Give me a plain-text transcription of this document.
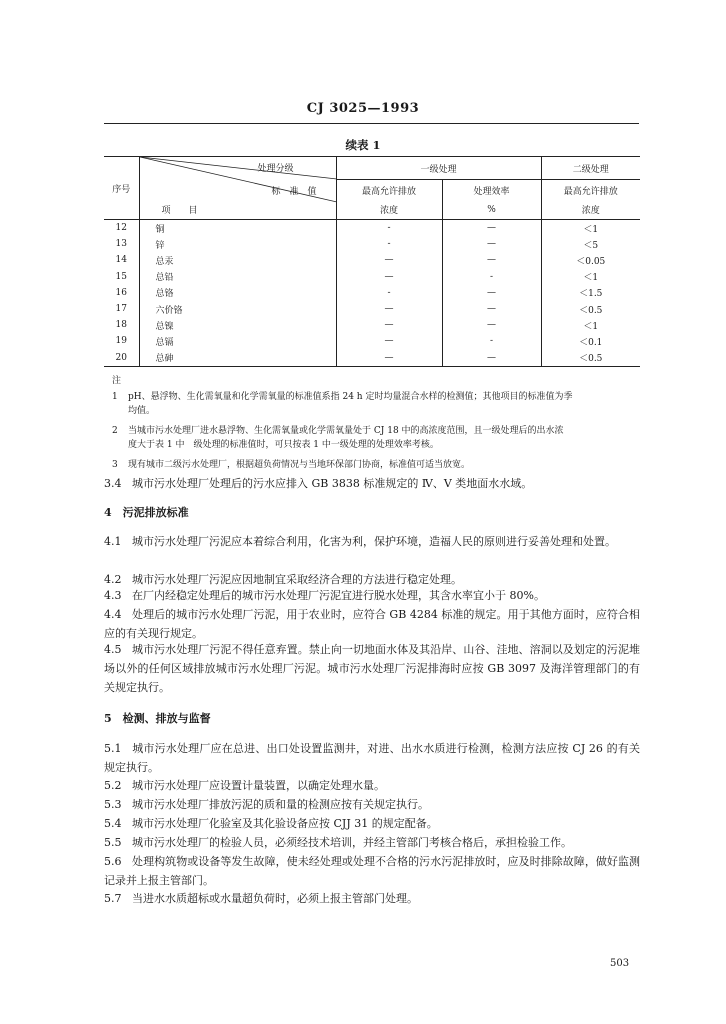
CJ 3025—1993
续表 1
序号	处理分级
标　准　值
项　　目	一级处理		二级处理
		最高允许排放	处理效率	最高允许排放
		浓度	%	浓度
12	铜	-	—	＜1
13	锌	-	—	＜5
14	总汞	—	—	＜0.05
15	总铅	—	-	＜1
16	总铬	-	—	＜1.5
17	六价铬	—	—	＜0.5
18	总镍	—	—	＜1
19	总镉	—	-	＜0.1
20	总砷	—	—	＜0.5
注
1 pH、悬浮物、生化需氧量和化学需氧量的标准值系指 24 h 定时均量混合水样的检测值；其他项目的标准值为季
均值。
2 当城市污水处理厂进水悬浮物、生化需氧量或化学需氧量处于 CJ 18 中的高浓度范围，且一级处理后的出水浓
度大于表 1 中　级处理的标准值时，可只按表 1 中一级处理的处理效率考核。
3 现有城市二级污水处理厂，根据超负荷情况与当地环保部门协商，标准值可适当放宽。
3.4 城市污水处理厂处理后的污水应排入 GB 3838 标准规定的 Ⅳ、Ⅴ 类地面水水域。
4　污泥排放标准
4.1 城市污水处理厂污泥应本着综合利用，化害为利，保护环境，造福人民的原则进行妥善处理和处置。
4.2 城市污水处理厂污泥应因地制宜采取经济合理的方法进行稳定处理。
4.3 在厂内经稳定处理后的城市污水处理厂污泥宜进行脱水处理，其含水率宜小于 80%。
4.4 处理后的城市污水处理厂污泥，用于农业时，应符合 GB 4284 标准的规定。用于其他方面时，应符合相应的有关现行规定。
4.5 城市污水处理厂污泥不得任意弃置。禁止向一切地面水体及其沿岸、山谷、洼地、溶洞以及划定的污泥堆场以外的任何区域排放城市污水处理厂污泥。城市污水处理厂污泥排海时应按 GB 3097 及海洋管理部门的有关规定执行。
5　检测、排放与监督
5.1 城市污水处理厂应在总进、出口处设置监测井，对进、出水水质进行检测，检测方法应按 CJ 26 的有关规定执行。
5.2 城市污水处理厂应设置计量装置，以确定处理水量。
5.3 城市污水处理厂排放污泥的质和量的检测应按有关规定执行。
5.4 城市污水处理厂化验室及其化验设备应按 CJJ 31 的规定配备。
5.5 城市污水处理厂的检验人员，必须经技术培训，并经主管部门考核合格后，承担检验工作。
5.6 处理构筑物或设备等发生故障，使未经处理或处理不合格的污水污泥排放时，应及时排除故障，做好监测记录并上报主管部门。
5.7 当进水水质超标或水量超负荷时，必须上报主管部门处理。
503
